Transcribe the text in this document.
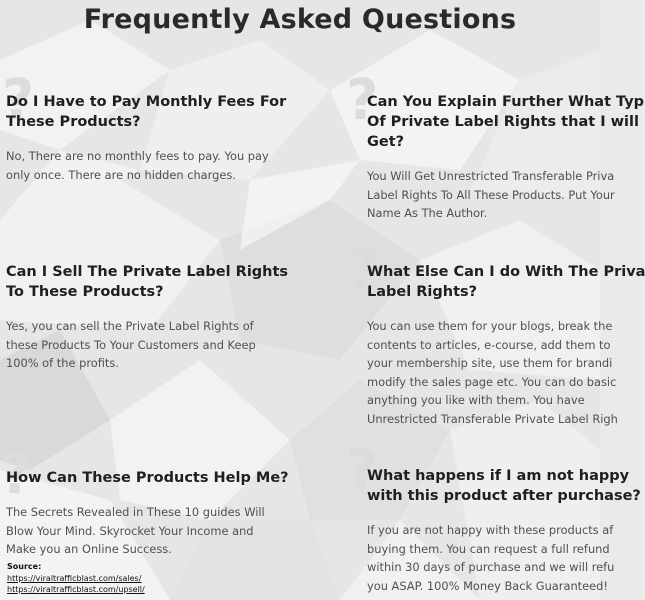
?	?
?
?	?
Frequently Asked Questions
Do I Have to Pay Monthly Fees For
These Products?
No, There are no monthly fees to pay. You pay
only once. There are no hidden charges.
Can You Explain Further What Typ
Of Private Label Rights that I will
Get?
You Will Get Unrestricted Transferable Priva
Label Rights To All These Products. Put Your
Name As The Author.
Can I Sell The Private Label Rights
To These Products?
Yes, you can sell the Private Label Rights of
these Products To Your Customers and Keep
100% of the profits.
What Else Can I do With The Priva
Label Rights?
You can use them for your blogs, break the
contents to articles, e-course, add them to
your membership site, use them for brandi
modify the sales page etc. You can do basic
anything you like with them. You have
Unrestricted Transferable Private Label Righ
How Can These Products Help Me?
The Secrets Revealed in These 10 guides Will
Blow Your Mind. Skyrocket Your Income and
Make you an Online Success.
What happens if I am not happy
with this product after purchase?
If you are not happy with these products af
buying them. You can request a full refund
within 30 days of purchase and we will refu
you ASAP. 100% Money Back Guaranteed!
Source:
https://viraltrafficblast.com/sales/
https://viraltrafficblast.com/upsell/
